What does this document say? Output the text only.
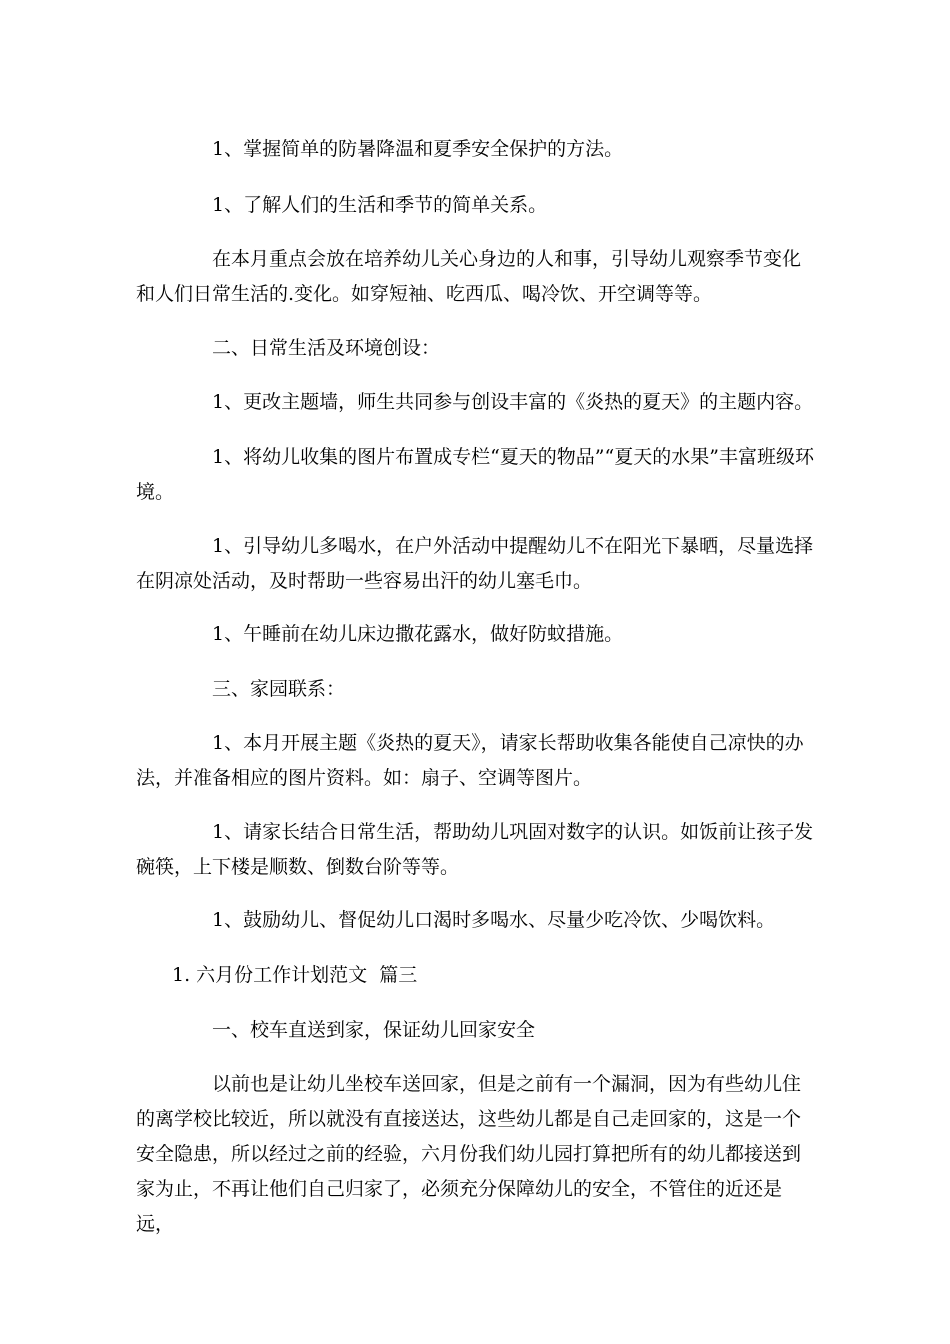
1、掌握简单的防暑降温和夏季安全保护的方法。

1、了解人们的生活和季节的简单关系。

在本月重点会放在培养幼儿关心身边的人和事，引导幼儿观察季节变化和人们日常生活的.变化。如穿短袖、吃西瓜、喝冷饮、开空调等等。

二、日常生活及环境创设：

1、更改主题墙，师生共同参与创设丰富的《炎热的夏天》的主题内容。

1、将幼儿收集的图片布置成专栏“夏天的物品”“夏天的水果”丰富班级环境。

1、引导幼儿多喝水，在户外活动中提醒幼儿不在阳光下暴晒，尽量选择在阴凉处活动，及时帮助一些容易出汗的幼儿塞毛巾。

1、午睡前在幼儿床边撒花露水，做好防蚊措施。

三、家园联系：

1、本月开展主题《炎热的夏天》，请家长帮助收集各能使自己凉快的办法，并准备相应的图片资料。如：扇子、空调等图片。

1、请家长结合日常生活，帮助幼儿巩固对数字的认识。如饭前让孩子发碗筷，上下楼是顺数、倒数台阶等等。

1、鼓励幼儿、督促幼儿口渴时多喝水、尽量少吃冷饮、少喝饮料。

1. 六月份工作计划范文  篇三

一、校车直送到家，保证幼儿回家安全

以前也是让幼儿坐校车送回家，但是之前有一个漏洞，因为有些幼儿住的离学校比较近，所以就没有直接送达，这些幼儿都是自己走回家的，这是一个安全隐患，所以经过之前的经验，六月份我们幼儿园打算把所有的幼儿都接送到家为止，不再让他们自己归家了，必须充分保障幼儿的安全，不管住的近还是远，
